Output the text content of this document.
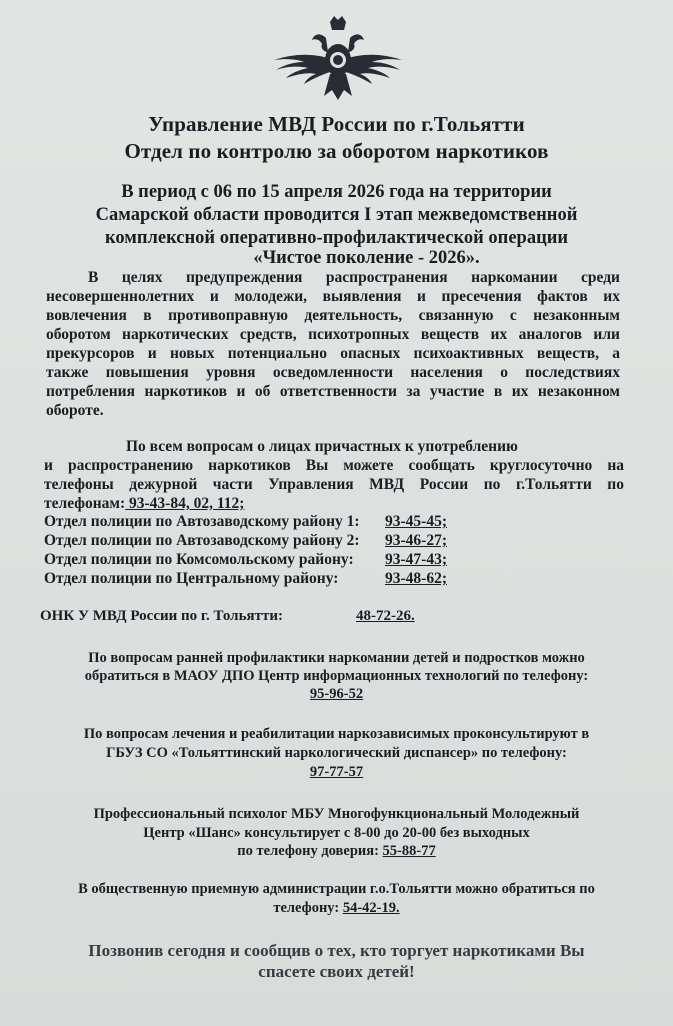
Управление МВД России по г.Тольятти
Отдел по контролю за оборотом наркотиков
В период с 06 по 15 апреля 2026 года на территории
Самарской области проводится I этап межведомственной
комплексной оперативно-профилактической операции
«Чистое поколение - 2026».
В целях предупреждения распространения наркомании среди
несовершеннолетних и молодежи, выявления и пресечения фактов их
вовлечения в противоправную деятельность, связанную с незаконным
оборотом наркотических средств, психотропных веществ их аналогов или
прекурсоров и новых потенциально опасных психоактивных веществ, а
также повышения уровня осведомленности населения о последствиях
потребления наркотиков и об ответственности за участие в их незаконном
обороте.
По всем вопросам о лицах причастных к употреблению
и распространению наркотиков Вы можете сообщать круглосуточно на
телефоны дежурной части Управления МВД России по г.Тольятти по
телефонам: 93-43-84, 02, 112;
Отдел полиции по Автозаводскому району 1: 93-45-45;
Отдел полиции по Автозаводскому району 2: 93-46-27;
Отдел полиции по Комсомольскому району: 93-47-43;
Отдел полиции по Центральному району:	93-48-62;
ОНК У МВД России по г. Тольятти:	48-72-26.
По вопросам ранней профилактики наркомании детей и подростков можно
обратиться в МАОУ ДПО Центр информационных технологий по телефону:
95-96-52
По вопросам лечения и реабилитации наркозависимых проконсультируют в
ГБУЗ СО «Тольяттинский наркологический диспансер» по телефону:
97-77-57
Профессиональный психолог МБУ Многофункциональный Молодежный
Центр «Шанс» консультирует с 8-00 до 20-00 без выходных
по телефону доверия: 55-88-77
В общественную приемную администрации г.о.Тольятти можно обратиться по
телефону: 54-42-19.
Позвонив сегодня и сообщив о тех, кто торгует наркотиками Вы
спасете своих детей!
